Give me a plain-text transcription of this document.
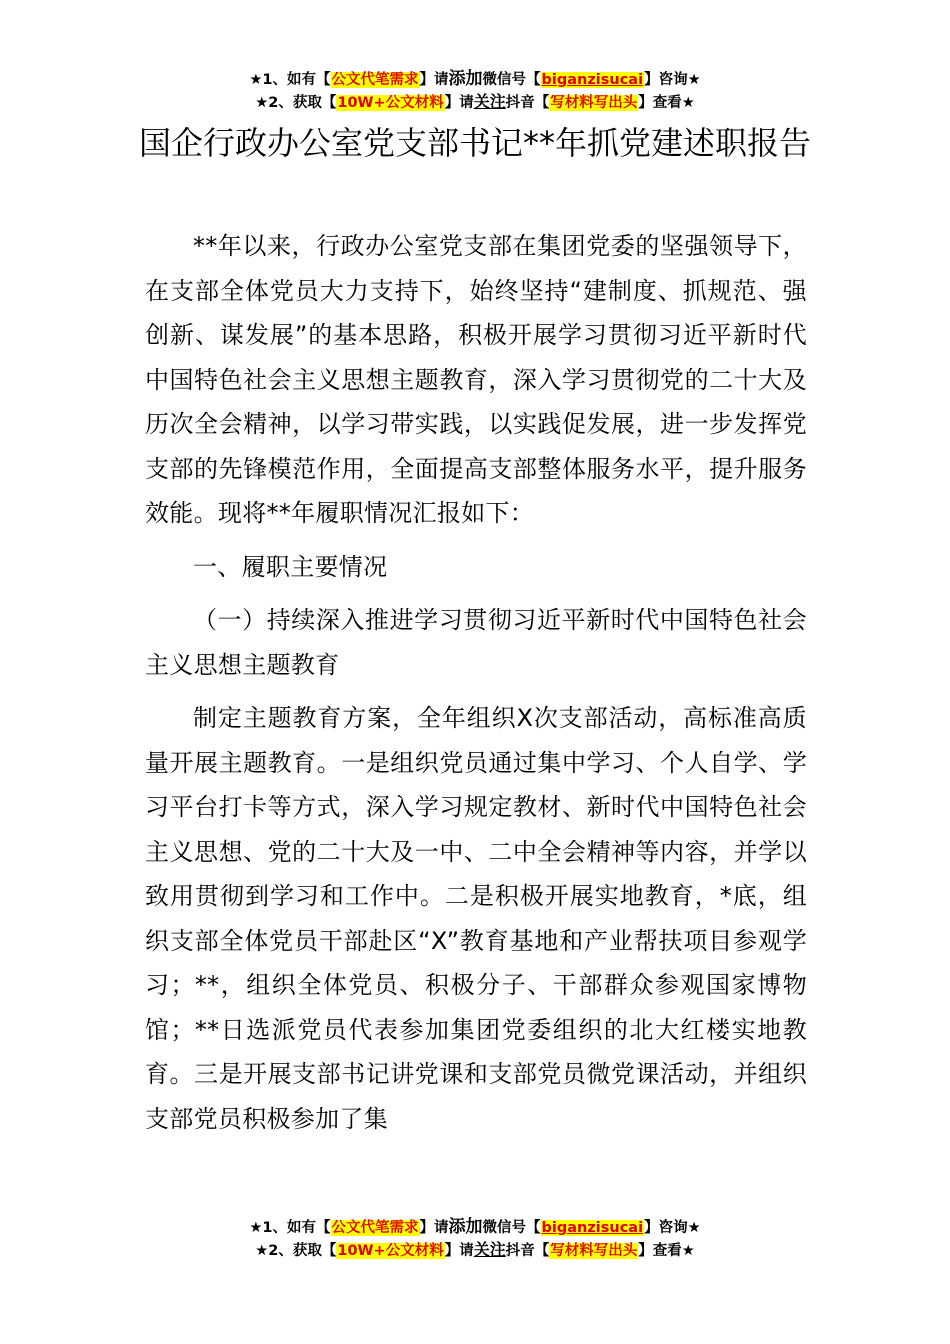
★1、如有【公文代笔需求】请添加微信号【biganzisucai】咨询★
★2、获取【10W+公文材料】请关注抖音【写材料写出头】查看★
国企行政办公室党支部书记**年抓党建述职报告

**年以来，行政办公室党支部在集团党委的坚强领导下，在支部全体党员大力支持下，始终坚持“建制度、抓规范、强创新、谋发展”的基本思路，积极开展学习贯彻习近平新时代中国特色社会主义思想主题教育，深入学习贯彻党的二十大及历次全会精神，以学习带实践，以实践促发展，进一步发挥党支部的先锋模范作用，全面提高支部整体服务水平，提升服务效能。现将**年履职情况汇报如下：

一、履职主要情况

（一）持续深入推进学习贯彻习近平新时代中国特色社会主义思想主题教育

制定主题教育方案，全年组织X次支部活动，高标准高质量开展主题教育。一是组织党员通过集中学习、个人自学、学习平台打卡等方式，深入学习规定教材、新时代中国特色社会主义思想、党的二十大及一中、二中全会精神等内容，并学以致用贯彻到学习和工作中。二是积极开展实地教育，*底，组织支部全体党员干部赴区“X”教育基地和产业帮扶项目参观学习；**，组织全体党员、积极分子、干部群众参观国家博物馆；**日选派党员代表参加集团党委组织的北大红楼实地教育。三是开展支部书记讲党课和支部党员微党课活动，并组织支部党员积极参加了集

★1、如有【公文代笔需求】请添加微信号【biganzisucai】咨询★
★2、获取【10W+公文材料】请关注抖音【写材料写出头】查看★
